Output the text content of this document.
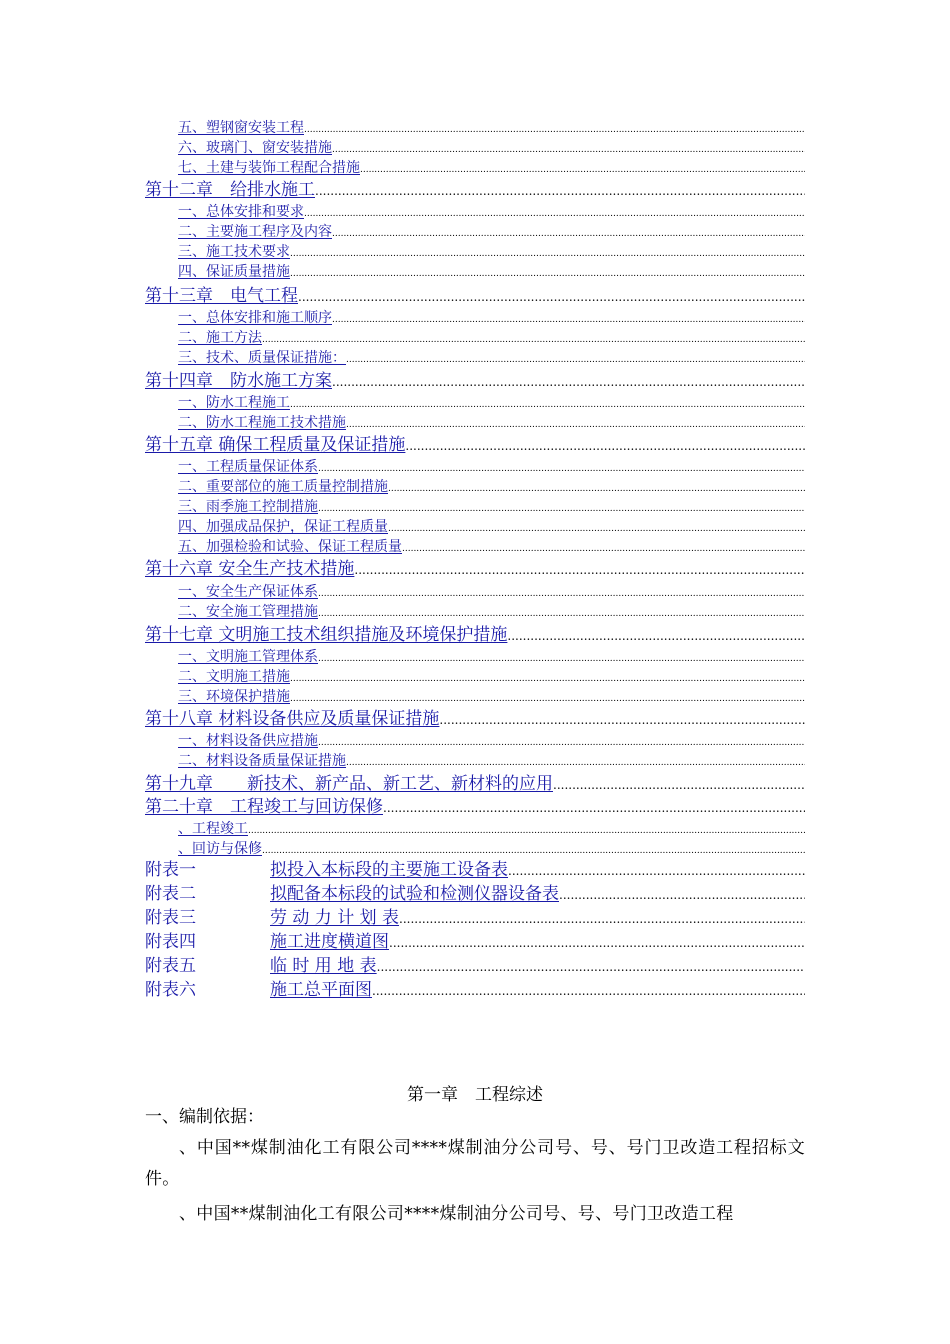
五、塑钢窗安装工程
.....
六、玻璃门、窗安装措施
.....
七、土建与装饰工程配合措施
.....
第十二章　给排水施工
.....
一、总体安排和要求
.....
二、主要施工程序及内容
.....
三、施工技术要求
.....
四、保证质量措施
.....
第十三章　电气工程
.....
一、总体安排和施工顺序
.....
二、施工方法
.....
三、技术、质量保证措施：
.....
第十四章　防水施工方案
.....
一、防水工程施工
.....
二、防水工程施工技术措施
.....
第十五章 确保工程质量及保证措施
.....
一、工程质量保证体系
.....
二、重要部位的施工质量控制措施
.....
三、雨季施工控制措施
.....
四、加强成品保护，保证工程质量
.....
五、加强检验和试验、保证工程质量
.....
第十六章 安全生产技术措施
.....
一、安全生产保证体系
.....
二、安全施工管理措施
.....
第十七章 文明施工技术组织措施及环境保护措施
.....
一、文明施工管理体系
.....
二、文明施工措施
.....
三、环境保护措施
.....
第十八章 材料设备供应及质量保证措施
.....
一、材料设备供应措施
.....
二、材料设备质量保证措施
.....
第十九章　　新技术、新产品、新工艺、新材料的应用
.....
第二十章　工程竣工与回访保修
.....
、工程竣工
.....
、回访与保修
.....
附表一	拟投入本标段的主要施工设备表
.....
附表二	拟配备本标段的试验和检测仪器设备表
.....
附表三	劳 动 力 计 划 表
.....
附表四	施工进度横道图
.....
附表五	临 时 用 地 表
.....
附表六	施工总平面图
.....
第一章　工程综述
一、编制依据：
、中国**煤制油化工有限公司****煤制油分公司号、号、号门卫改造工程招标文件。
、中国**煤制油化工有限公司****煤制油分公司号、号、号门卫改造工程
